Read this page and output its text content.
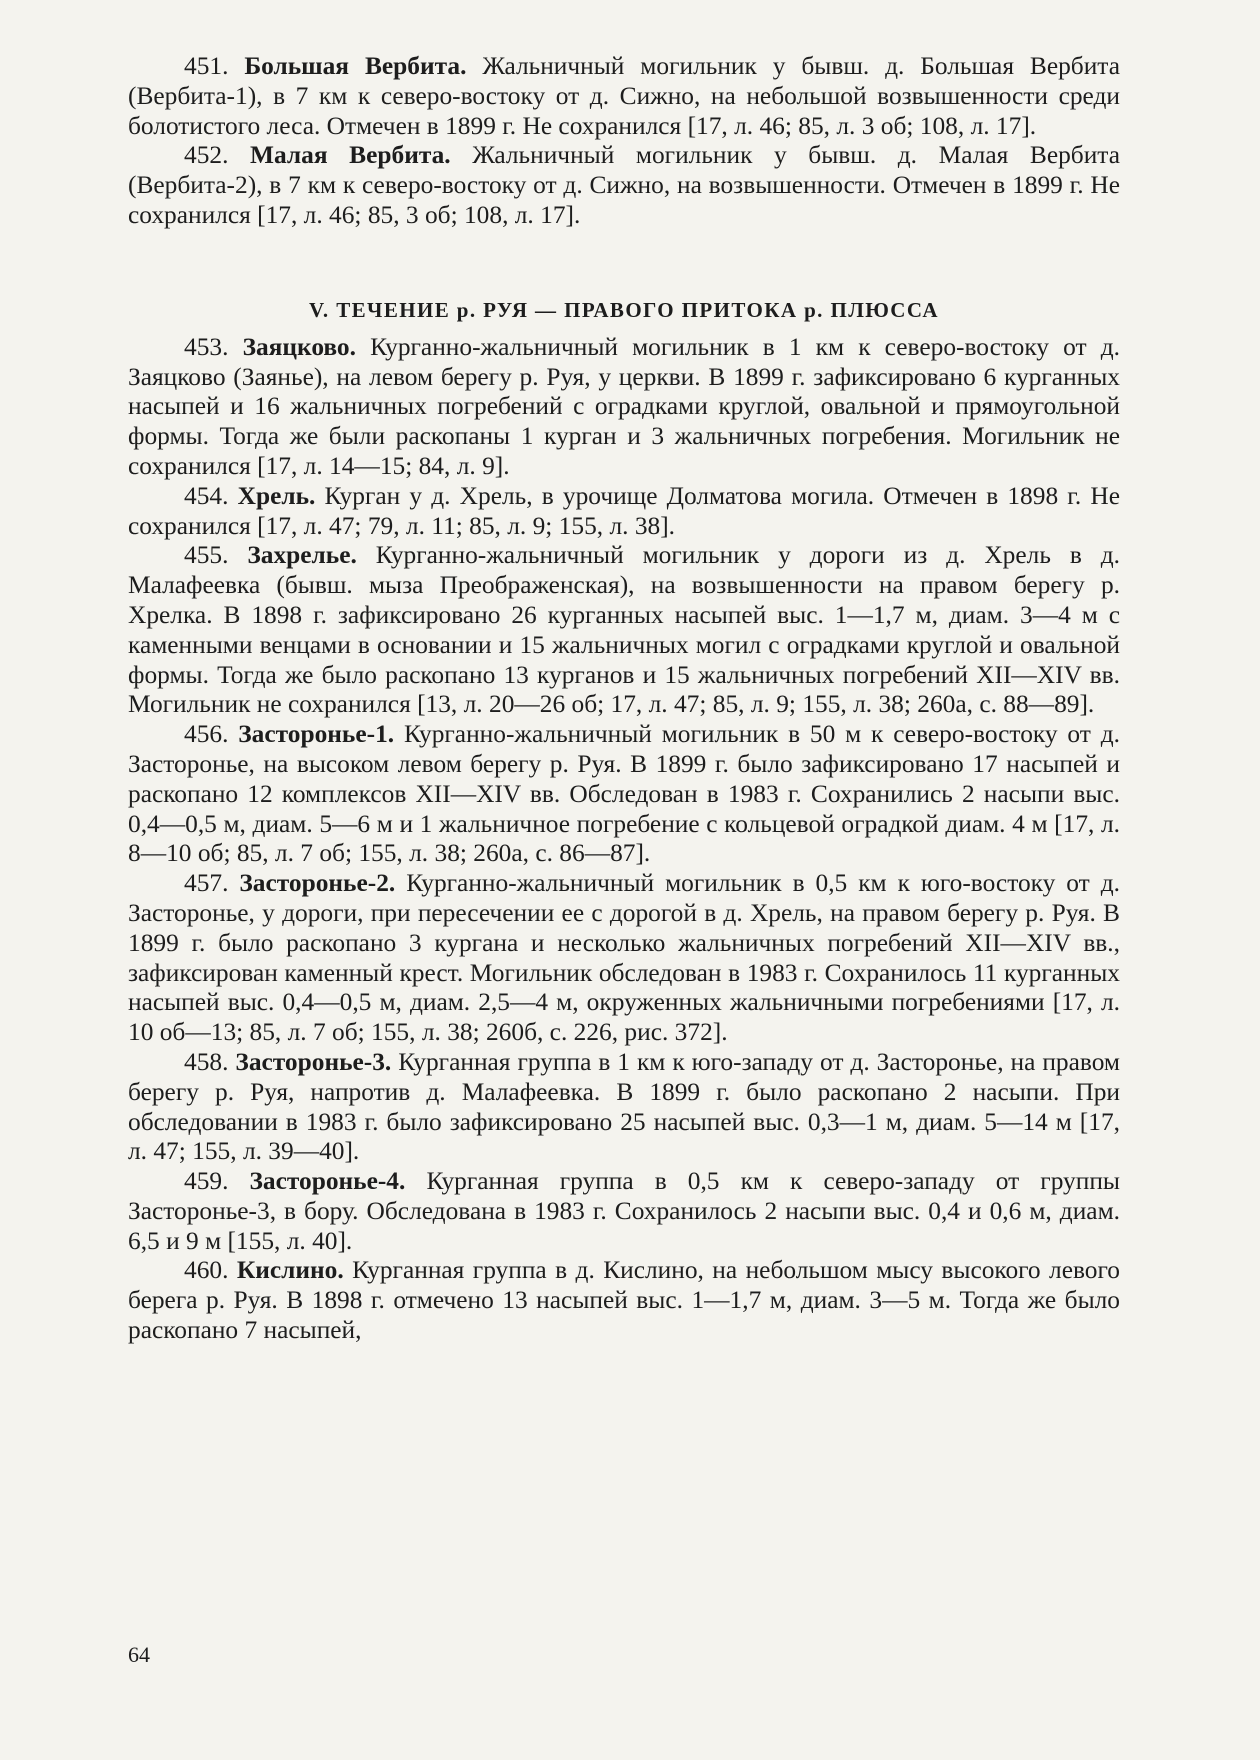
451. Большая Вербита. Жальничный могильник у бывш. д. Большая Вербита (Вербита-1), в 7 км к северо-востоку от д. Сижно, на небольшой возвышенности среди болотистого леса. Отмечен в 1899 г. Не сохранился [17, л. 46; 85, л. 3 об; 108, л. 17].

452. Малая Вербита. Жальничный могильник у бывш. д. Малая Вербита (Вербита-2), в 7 км к северо-востоку от д. Сижно, на возвышенности. Отмечен в 1899 г. Не сохранился [17, л. 46; 85, 3 об; 108, л. 17].

V. ТЕЧЕНИЕ р. РУЯ — ПРАВОГО ПРИТОКА р. ПЛЮССА

453. Заяцково. Курганно-жальничный могильник в 1 км к северо-востоку от д. Заяцково (Заянье), на левом берегу р. Руя, у церкви. В 1899 г. зафиксировано 6 курганных насыпей и 16 жальничных погребений с оградками круглой, овальной и прямоугольной формы. Тогда же были раскопаны 1 курган и 3 жальничных погребения. Могильник не сохранился [17, л. 14—15; 84, л. 9].

454. Хрель. Курган у д. Хрель, в урочище Долматова могила. Отмечен в 1898 г. Не сохранился [17, л. 47; 79, л. 11; 85, л. 9; 155, л. 38].

455. Захрелье. Курганно-жальничный могильник у дороги из д. Хрель в д. Малафеевка (бывш. мыза Преображенская), на возвышенности на правом берегу р. Хрелка. В 1898 г. зафиксировано 26 курганных насыпей выс. 1—1,7 м, диам. 3—4 м с каменными венцами в основании и 15 жальничных могил с оградками круглой и овальной формы. Тогда же было раскопано 13 курганов и 15 жальничных погребений XII—XIV вв. Могильник не сохранился [13, л. 20—26 об; 17, л. 47; 85, л. 9; 155, л. 38; 260а, с. 88—89].

456. Засторонье-1. Курганно-жальничный могильник в 50 м к северо-востоку от д. Засторонье, на высоком левом берегу р. Руя. В 1899 г. было зафиксировано 17 насыпей и раскопано 12 комплексов XII—XIV вв. Обследован в 1983 г. Сохранились 2 насыпи выс. 0,4—0,5 м, диам. 5—6 м и 1 жальничное погребение с кольцевой оградкой диам. 4 м [17, л. 8—10 об; 85, л. 7 об; 155, л. 38; 260а, с. 86—87].

457. Засторонье-2. Курганно-жальничный могильник в 0,5 км к юго-востоку от д. Засторонье, у дороги, при пересечении ее с дорогой в д. Хрель, на правом берегу р. Руя. В 1899 г. было раскопано 3 кургана и несколько жальничных погребений XII—XIV вв., зафиксирован каменный крест. Могильник обследован в 1983 г. Сохранилось 11 курганных насыпей выс. 0,4—0,5 м, диам. 2,5—4 м, окруженных жальничными погребениями [17, л. 10 об—13; 85, л. 7 об; 155, л. 38; 260б, с. 226, рис. 372].

458. Засторонье-3. Курганная группа в 1 км к юго-западу от д. Засторонье, на правом берегу р. Руя, напротив д. Малафеевка. В 1899 г. было раскопано 2 насыпи. При обследовании в 1983 г. было зафиксировано 25 насыпей выс. 0,3—1 м, диам. 5—14 м [17, л. 47; 155, л. 39—40].

459. Засторонье-4. Курганная группа в 0,5 км к северо-западу от группы Засторонье-3, в бору. Обследована в 1983 г. Сохранилось 2 насыпи выс. 0,4 и 0,6 м, диам. 6,5 и 9 м [155, л. 40].

460. Кислино. Курганная группа в д. Кислино, на небольшом мысу высокого левого берега р. Руя. В 1898 г. отмечено 13 насыпей выс. 1—1,7 м, диам. 3—5 м. Тогда же было раскопано 7 насыпей,

64
